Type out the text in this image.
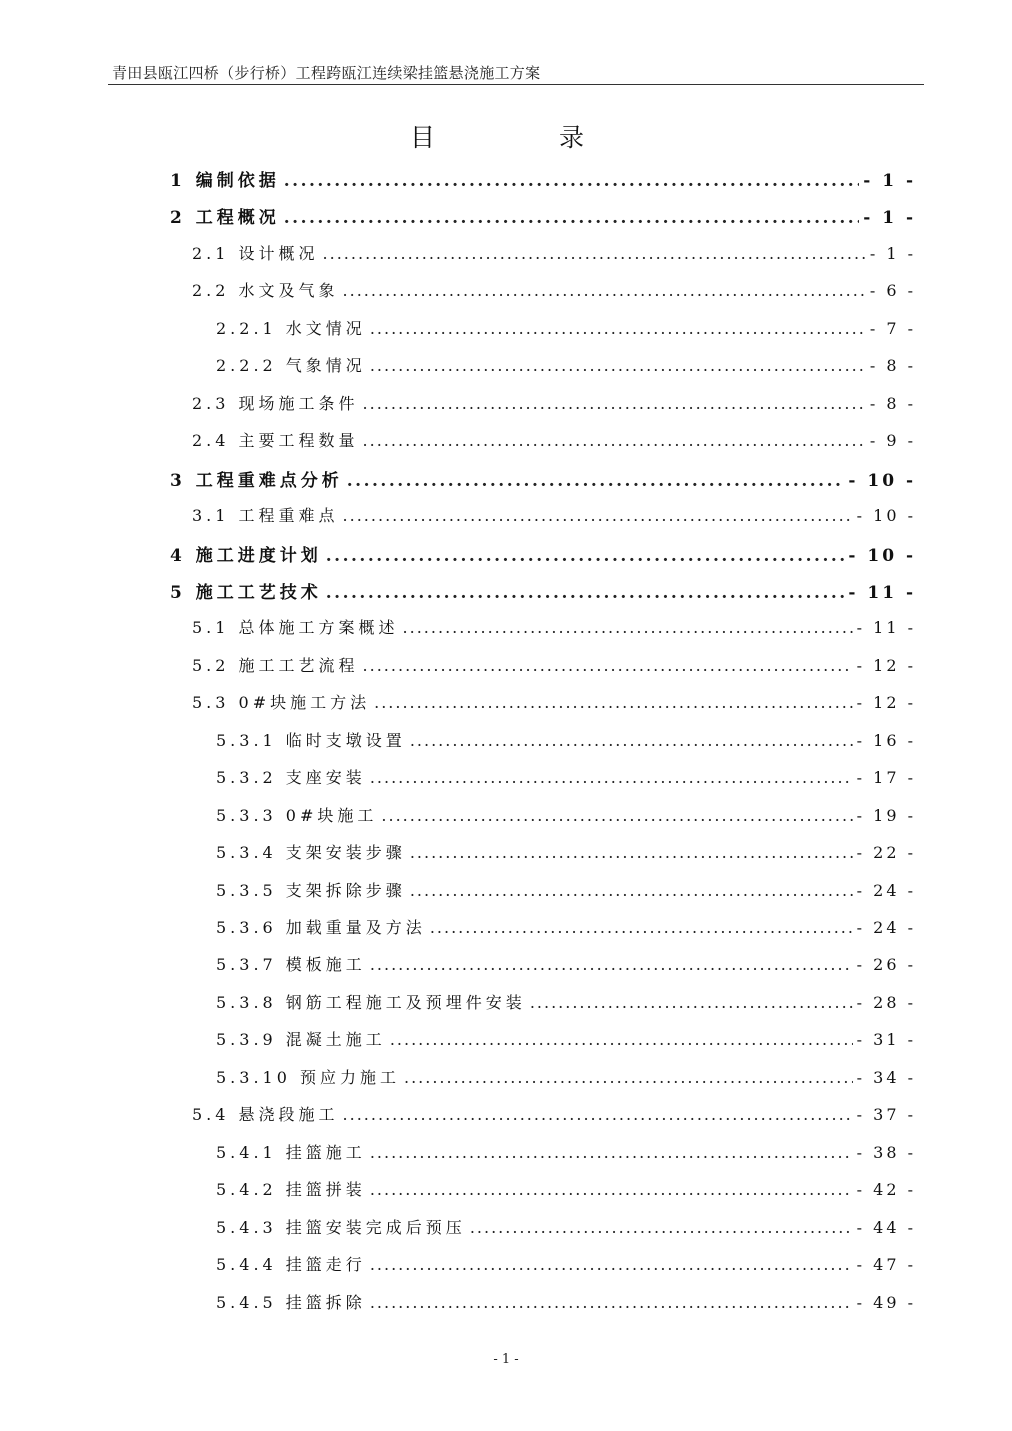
青田县瓯江四桥（步行桥）工程跨瓯江连续梁挂篮悬浇施工方案
目 录
1 编制依据 .....	- 1 -
2 工程概况 .....	- 1 -
2.1 设计概况 .....	- 1 -
2.2 水文及气象 .....	- 6 -
2.2.1 水文情况 .....	- 7 -
2.2.2 气象情况 .....	- 8 -
2.3 现场施工条件 .....	- 8 -
2.4 主要工程数量 .....	- 9 -
3 工程重难点分析 .....	- 10 -
3.1 工程重难点 .....	- 10 -
4 施工进度计划 .....	- 10 -
5 施工工艺技术 .....	- 11 -
5.1 总体施工方案概述 .....	- 11 -
5.2 施工工艺流程 .....	- 12 -
5.3 0#块施工方法 .....	- 12 -
5.3.1 临时支墩设置 .....	- 16 -
5.3.2 支座安装 .....	- 17 -
5.3.3 0#块施工 .....	- 19 -
5.3.4 支架安装步骤 .....	- 22 -
5.3.5 支架拆除步骤 .....	- 24 -
5.3.6 加载重量及方法 .....	- 24 -
5.3.7 模板施工 .....	- 26 -
5.3.8 钢筋工程施工及预埋件安装 .....	- 28 -
5.3.9 混凝土施工 .....	- 31 -
5.3.10 预应力施工 .....	- 34 -
5.4 悬浇段施工 .....	- 37 -
5.4.1 挂篮施工 .....	- 38 -
5.4.2 挂篮拼装 .....	- 42 -
5.4.3 挂篮安装完成后预压 .....	- 44 -
5.4.4 挂篮走行 .....	- 47 -
5.4.5 挂篮拆除 .....	- 49 -
- 1 -
